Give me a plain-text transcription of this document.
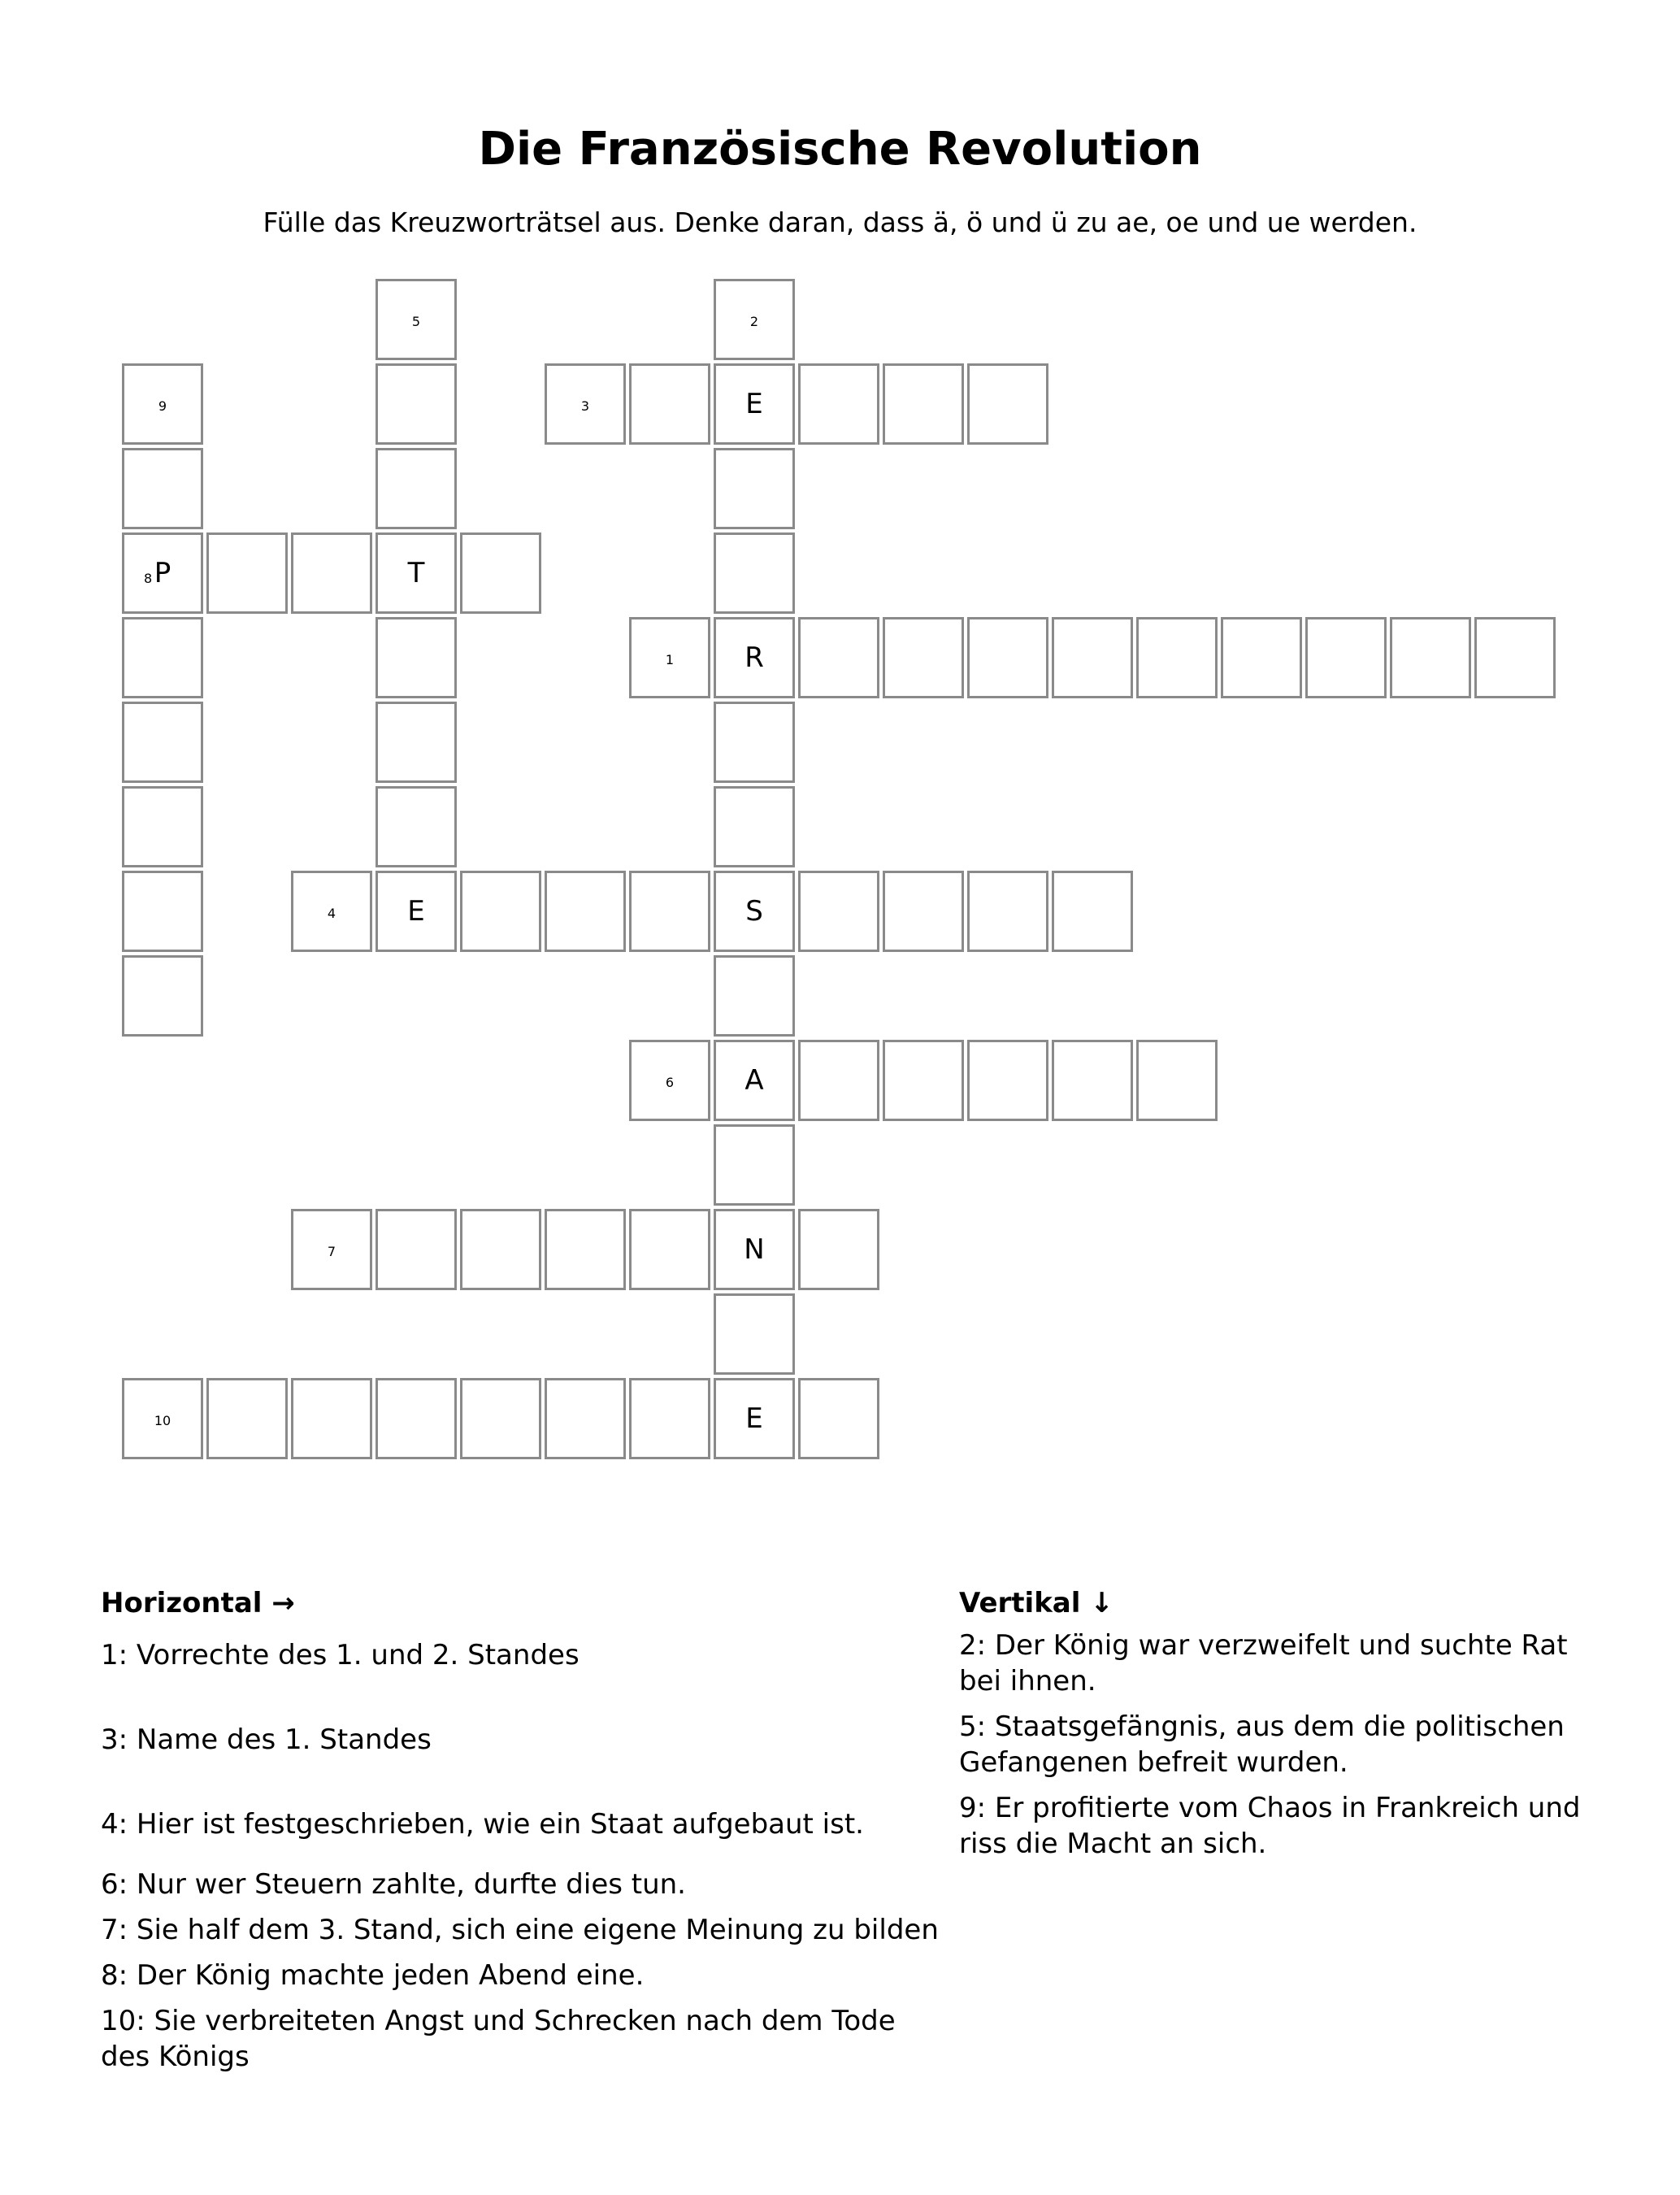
Die Französische Revolution
Fülle das Kreuzworträtsel aus. Denke daran, dass ä, ö und ü zu ae, oe und ue werden.
1	R
2
E
S
A
N
E
3
4	E
5
T
6
7
8 P
9
10
Horizontal →

1: Vorrechte des 1. und 2. Standes

3: Name des 1. Standes

4: Hier ist festgeschrieben, wie ein Staat aufgebaut ist.

6: Nur wer Steuern zahlte, durfte dies tun.

7: Sie half dem 3. Stand, sich eine eigene Meinung zu bilden

8: Der König machte jeden Abend eine.

10: Sie verbreiteten Angst und Schrecken nach dem Tode des Königs

Vertikal ↓

2: Der König war verzweifelt und suchte Rat bei ihnen.

5: Staatsgefängnis, aus dem die politischen Gefangenen befreit wurden.

9: Er profitierte vom Chaos in Frankreich und riss die Macht an sich.
